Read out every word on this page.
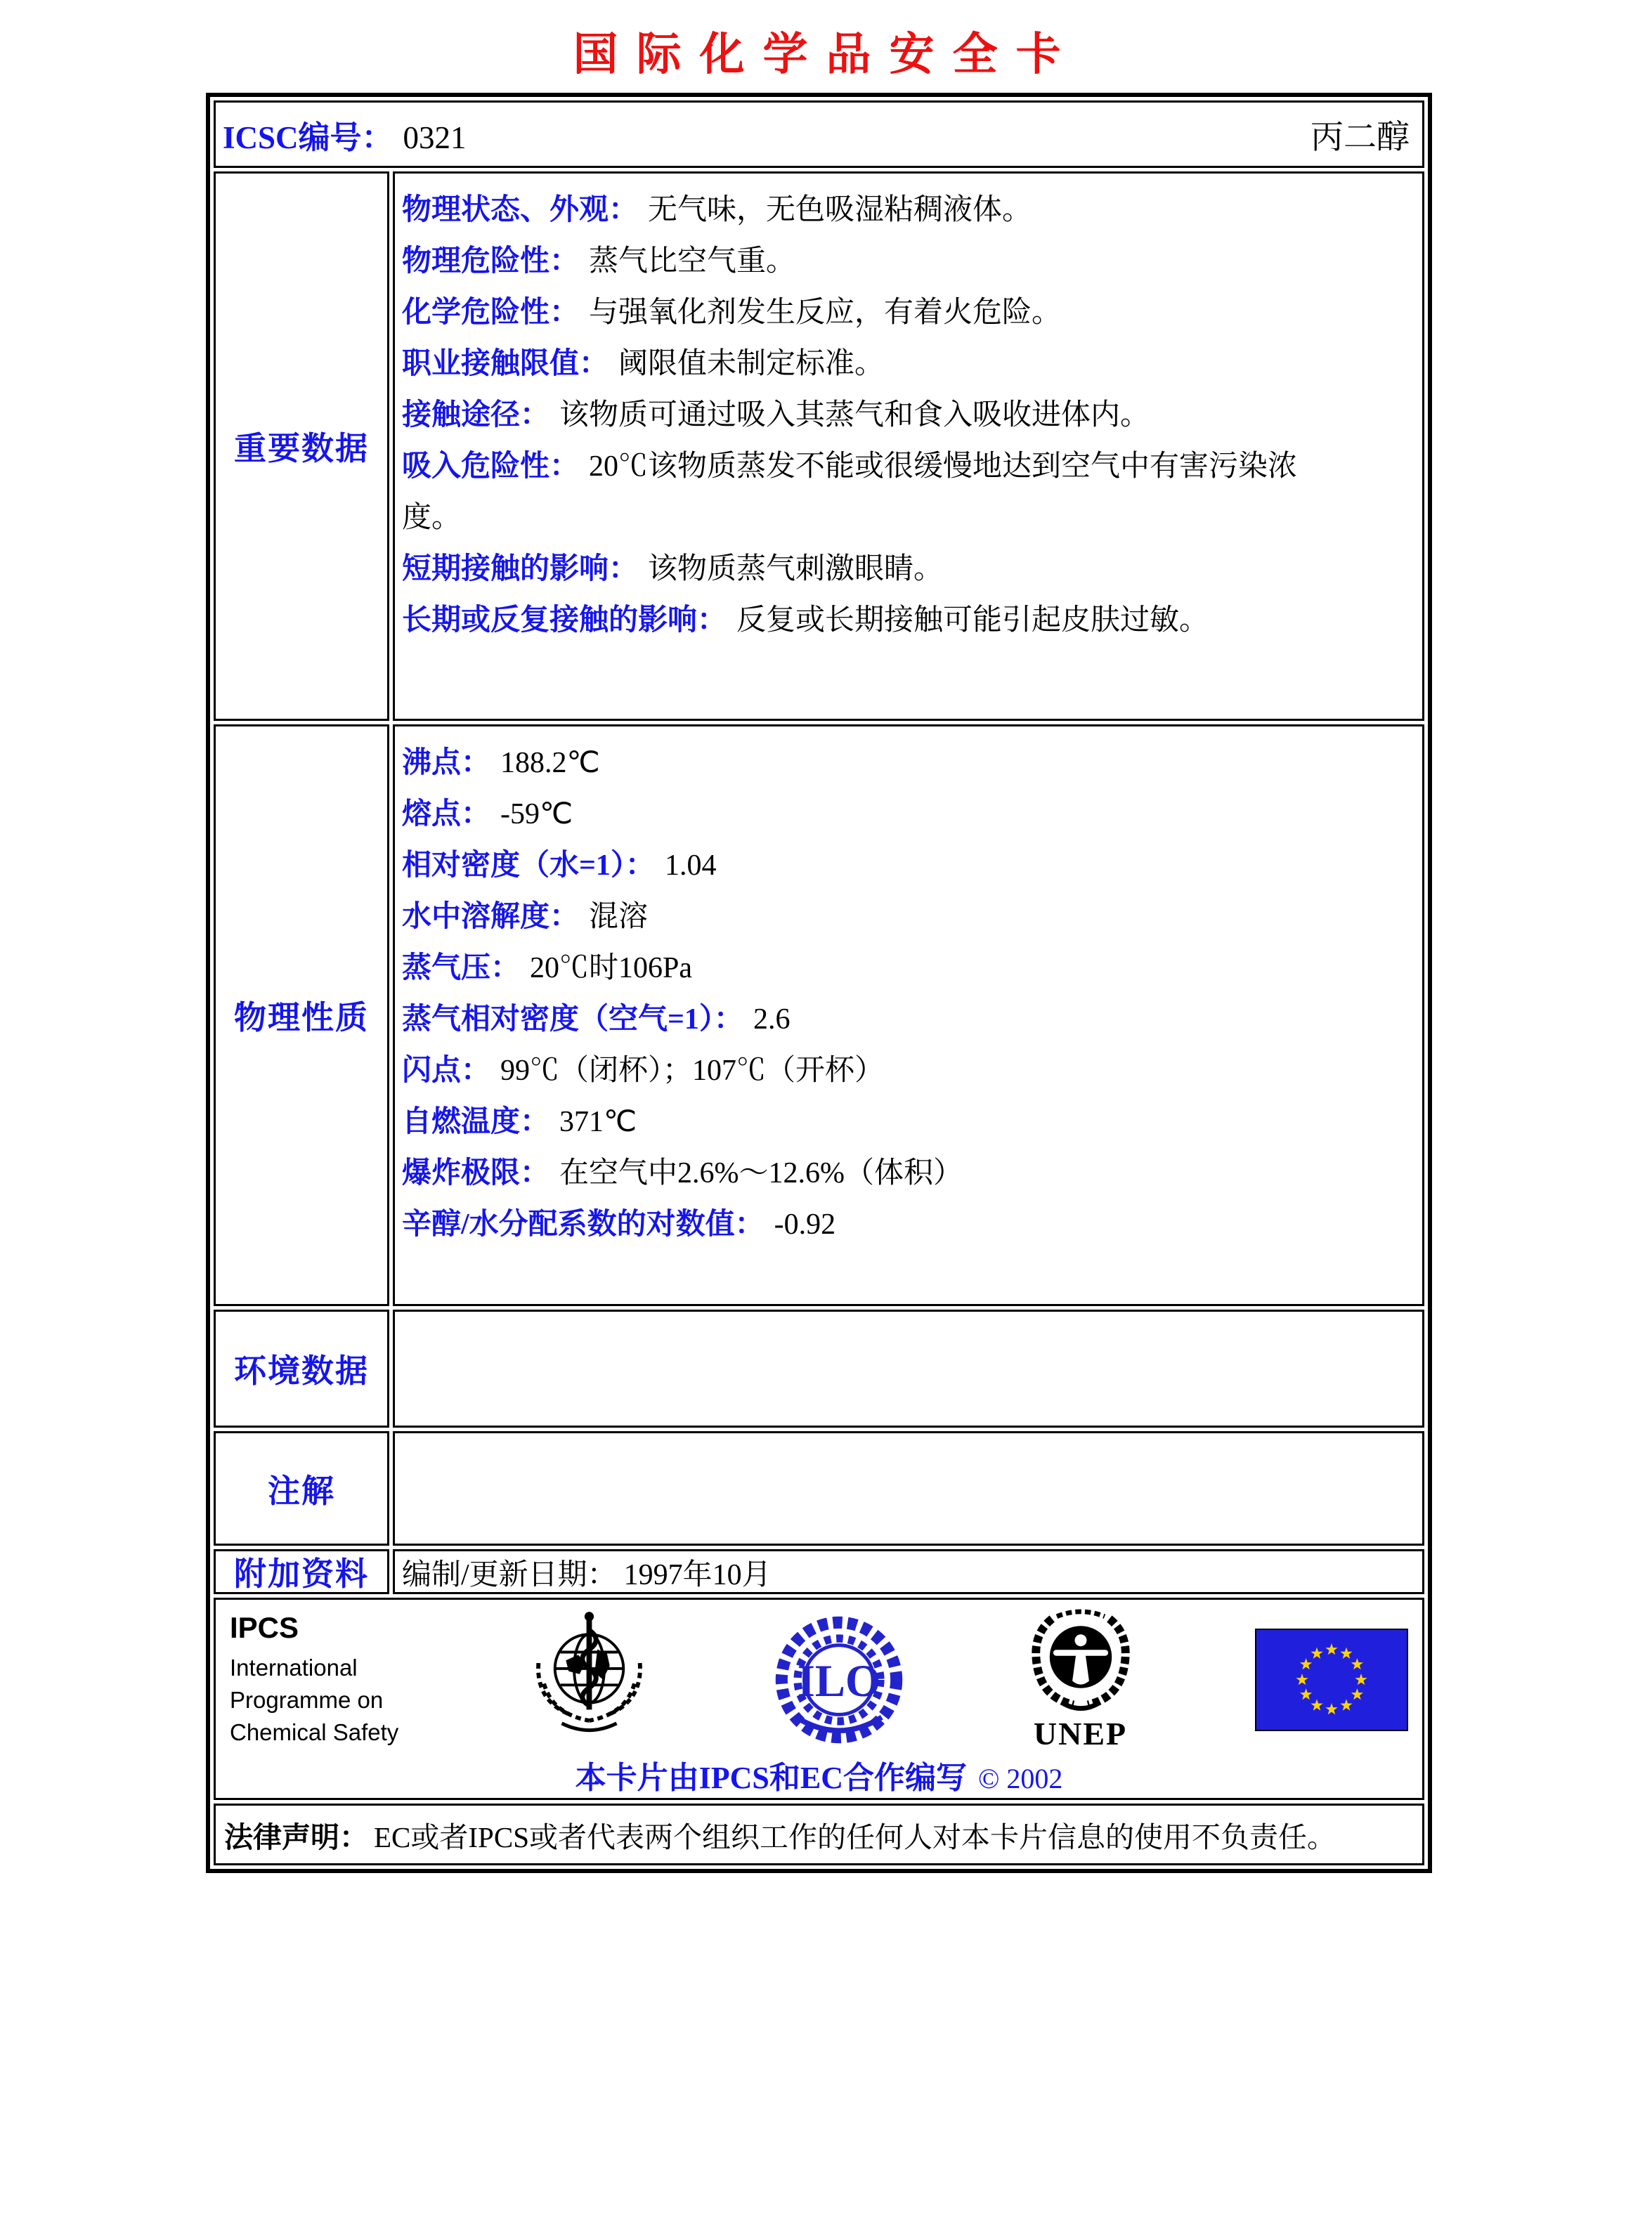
国际化学品安全卡
ICSC编号： 0321	丙二醇
重要数据
物理状态、外观： 无气味，无色吸湿粘稠液体。
物理危险性： 蒸气比空气重。
化学危险性： 与强氧化剂发生反应，有着火危险。
职业接触限值： 阈限值未制定标准。
接触途径： 该物质可通过吸入其蒸气和食入吸收进体内。
吸入危险性： 20℃该物质蒸发不能或很缓慢地达到空气中有害污染浓度。
短期接触的影响： 该物质蒸气刺激眼睛。
长期或反复接触的影响： 反复或长期接触可能引起皮肤过敏。
物理性质
沸点： 188.2℃
熔点： -59℃
相对密度（水=1）： 1.04
水中溶解度： 混溶
蒸气压： 20℃时106Pa
蒸气相对密度（空气=1）： 2.6
闪点： 99℃（闭杯）；107℃（开杯）
自燃温度： 371℃
爆炸极限： 在空气中2.6%～12.6%（体积）
辛醇/水分配系数的对数值： -0.92
环境数据
注解
附加资料	编制/更新日期： 1997年10月
IPCS
International
Programme on
Chemical Safety
ILO
UNEP
本卡片由IPCS和EC合作编写 © 2002
法律声明： EC或者IPCS或者代表两个组织工作的任何人对本卡片信息的使用不负责任。
